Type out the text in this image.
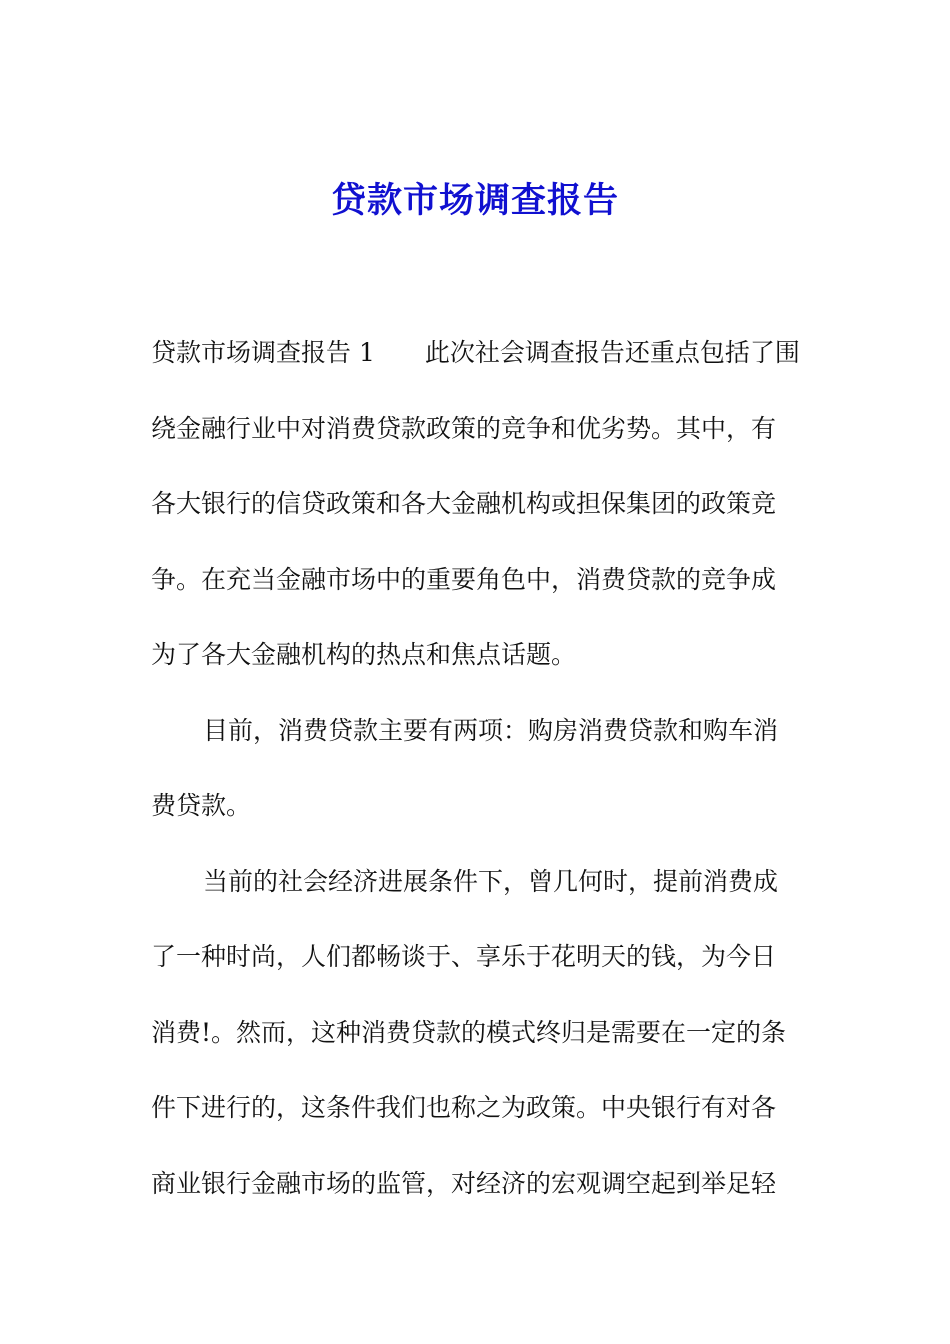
贷款市场调查报告
贷款市场调查报告 1 此次社会调查报告还重点包括了围
绕金融行业中对消费贷款政策的竞争和优劣势。其中，有
各大银行的信贷政策和各大金融机构或担保集团的政策竞
争。在充当金融市场中的重要角色中，消费贷款的竞争成
为了各大金融机构的热点和焦点话题。
目前，消费贷款主要有两项：购房消费贷款和购车消
费贷款。
当前的社会经济进展条件下，曾几何时，提前消费成
了一种时尚，人们都畅谈于、享乐于花明天的钱，为今日
消费!。然而，这种消费贷款的模式终归是需要在一定的条
件下进行的，这条件我们也称之为政策。中央银行有对各
商业银行金融市场的监管，对经济的宏观调空起到举足轻
